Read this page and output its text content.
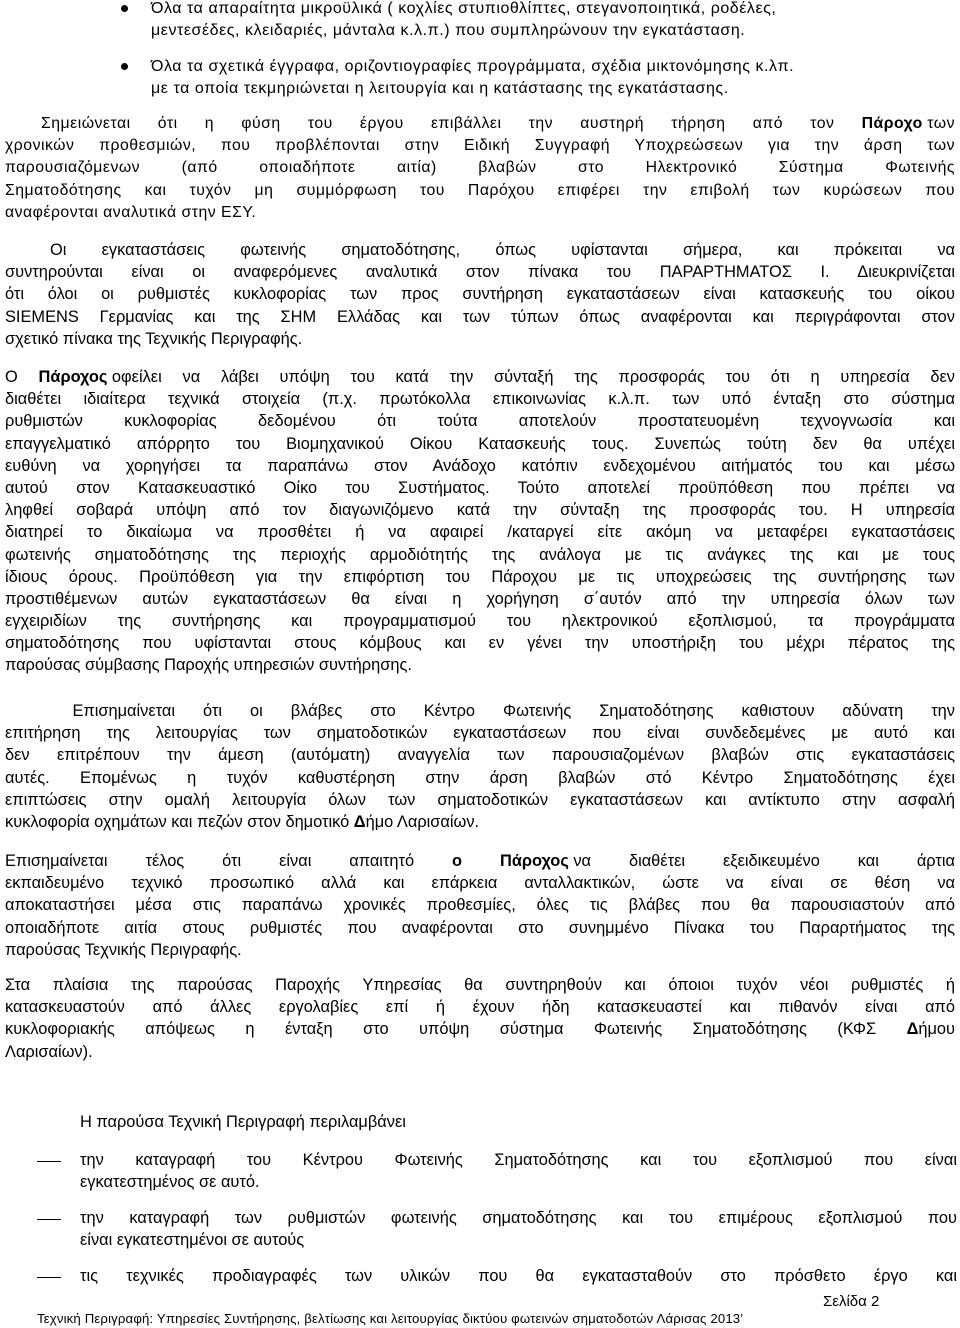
Όλα τα απαραίτητα μικροϋλικά ( κοχλίες στυπιοθλίπτες, στεγανοποιητικά, ροδέλες,
μεντεσέδες, κλειδαριές, μάνταλα κ.λ.π.) που συμπληρώνουν την εγκατάσταση.
Όλα τα σχετικά έγγραφα, οριζοντιογραφίες προγράμματα, σχέδια μικτονόμησης κ.λπ.
με τα οποία τεκμηριώνεται η λειτουργία και η κατάστασης της εγκατάστασης.
Σημειώνεται ότι η φύση του έργου επιβάλλει την αυστηρή τήρηση από τον Πάροχο των
χρονικών προθεσμιών, που προβλέπονται στην Ειδική Συγγραφή Υποχρεώσεων για την άρση των
παρουσιαζόμενων (από οποιαδήποτε αιτία) βλαβών στο Ηλεκτρονικό Σύστημα Φωτεινής
Σηματοδότησης και τυχόν μη συμμόρφωση του Παρόχου επιφέρει την επιβολή των κυρώσεων που
αναφέρονται αναλυτικά στην ΕΣΥ.
Οι εγκαταστάσεις φωτεινής σηματοδότησης, όπως υφίστανται σήμερα, και πρόκειται να
συντηρούνται είναι οι αναφερόμενες αναλυτικά στον πίνακα του ΠΑΡΑΡΤΗΜΑΤΟΣ Ι. Διευκρινίζεται
ότι όλοι οι ρυθμιστές κυκλοφορίας των προς συντήρηση εγκαταστάσεων είναι κατασκευής του οίκου
SIEMENS Γερμανίας και της ΣΗΜ Ελλάδας και των τύπων όπως αναφέρονται και περιγράφονται στον
σχετικό πίνακα της Τεχνικής Περιγραφής.
Ο Πάροχος οφείλει να λάβει υπόψη του κατά την σύνταξή της προσφοράς του ότι η υπηρεσία δεν
διαθέτει ιδιαίτερα τεχνικά στοιχεία (π.χ. πρωτόκολλα επικοινωνίας κ.λ.π. των υπό ένταξη στο σύστημα
ρυθμιστών κυκλοφορίας δεδομένου ότι τούτα αποτελούν προστατευομένη τεχνογνωσία και
επαγγελματικό απόρρητο του Βιομηχανικού Οίκου Κατασκευής τους. Συνεπώς τούτη δεν θα υπέχει
ευθύνη να χορηγήσει τα παραπάνω στον Ανάδοχο κατόπιν ενδεχομένου αιτήματός του και μέσω
αυτού στον Κατασκευαστικό Οίκο του Συστήματος. Τούτο αποτελεί προϋπόθεση που πρέπει να
ληφθεί σοβαρά υπόψη από τον διαγωνιζόμενο κατά την σύνταξη της προσφοράς του. Η υπηρεσία
διατηρεί το δικαίωμα να προσθέτει ή να αφαιρεί /καταργεί είτε ακόμη να μεταφέρει εγκαταστάσεις
φωτεινής σηματοδότησης της περιοχής αρμοδιότητής της ανάλογα με τις ανάγκες της και με τους
ίδιους όρους. Προϋπόθεση για την επιφόρτιση του Πάροχου με τις υποχρεώσεις της συντήρησης των
προστιθέμενων αυτών εγκαταστάσεων θα είναι η χορήγηση σ΄αυτόν από την υπηρεσία όλων των
εγχειριδίων της συντήρησης και προγραμματισμού του ηλεκτρονικού εξοπλισμού, τα προγράμματα
σηματοδότησης που υφίστανται στους κόμβους και εν γένει την υποστήριξη του μέχρι πέρατος της
παρούσας σύμβασης Παροχής υπηρεσιών συντήρησης.
Επισημαίνεται ότι οι βλάβες στο Κέντρο Φωτεινής Σηματοδότησης καθιστουν αδύνατη την
επιτήρηση της λειτουργίας των σηματοδοτικών εγκαταστάσεων που είναι συνδεδεμένες με αυτό και
δεν επιτρέπουν την άμεση (αυτόματη) αναγγελία των παρουσιαζομένων βλαβών στις εγκαταστάσεις
αυτές. Επομένως η τυχόν καθυστέρηση στην άρση βλαβών στό Κέντρο Σηματοδότησης έχει
επιπτώσεις στην ομαλή λειτουργία όλων των σηματοδοτικών εγκαταστάσεων και αντίκτυπο στην ασφαλή
κυκλοφορία οχημάτων και πεζών στον δημοτικό Δήμο Λαρισαίων.
Επισημαίνεται τέλος ότι είναι απαιτητό ο Πάροχος να διαθέτει εξειδικευμένο και άρτια
εκπαιδευμένο τεχνικό προσωπικό αλλά και επάρκεια ανταλλακτικών, ώστε να είναι σε θέση να
αποκαταστήσει μέσα στις παραπάνω χρονικές προθεσμίες, όλες τις βλάβες που θα παρουσιαστούν από
οποιαδήποτε αιτία στους ρυθμιστές που αναφέρονται στο συνημμένο Πίνακα του Παραρτήματος της
παρούσας Τεχνικής Περιγραφής.
Στα πλαίσια της παρούσας Παροχής Υπηρεσίας θα συντηρηθούν και όποιοι τυχόν νέοι ρυθμιστές ή
κατασκευαστούν από άλλες εργολαβίες επί ή έχουν ήδη κατασκευαστεί και πιθανόν είναι από
κυκλοφοριακής απόψεως η ένταξη στο υπόψη σύστημα Φωτεινής Σηματοδότησης (ΚΦΣ Δήμου
Λαρισαίων).
Η παρούσα Τεχνική Περιγραφή περιλαμβάνει
την καταγραφή του Κέντρου Φωτεινής Σηματοδότησης και του εξοπλισμού που είναι
εγκατεστημένος σε αυτό.
την καταγραφή των ρυθμιστών φωτεινής σηματοδότησης και του επιμέρους εξοπλισμού που
είναι εγκατεστημένοι σε αυτούς
τις τεχνικές προδιαγραφές των υλικών που θα εγκατασταθούν στο πρόσθετο έργο και
Σελίδα 2
Τεχνική Περιγραφή: Υπηρεσίες Συντήρησης, βελτίωσης και λειτουργίας δικτύου φωτεινών σηματοδοτών Λάρισας 2013’
